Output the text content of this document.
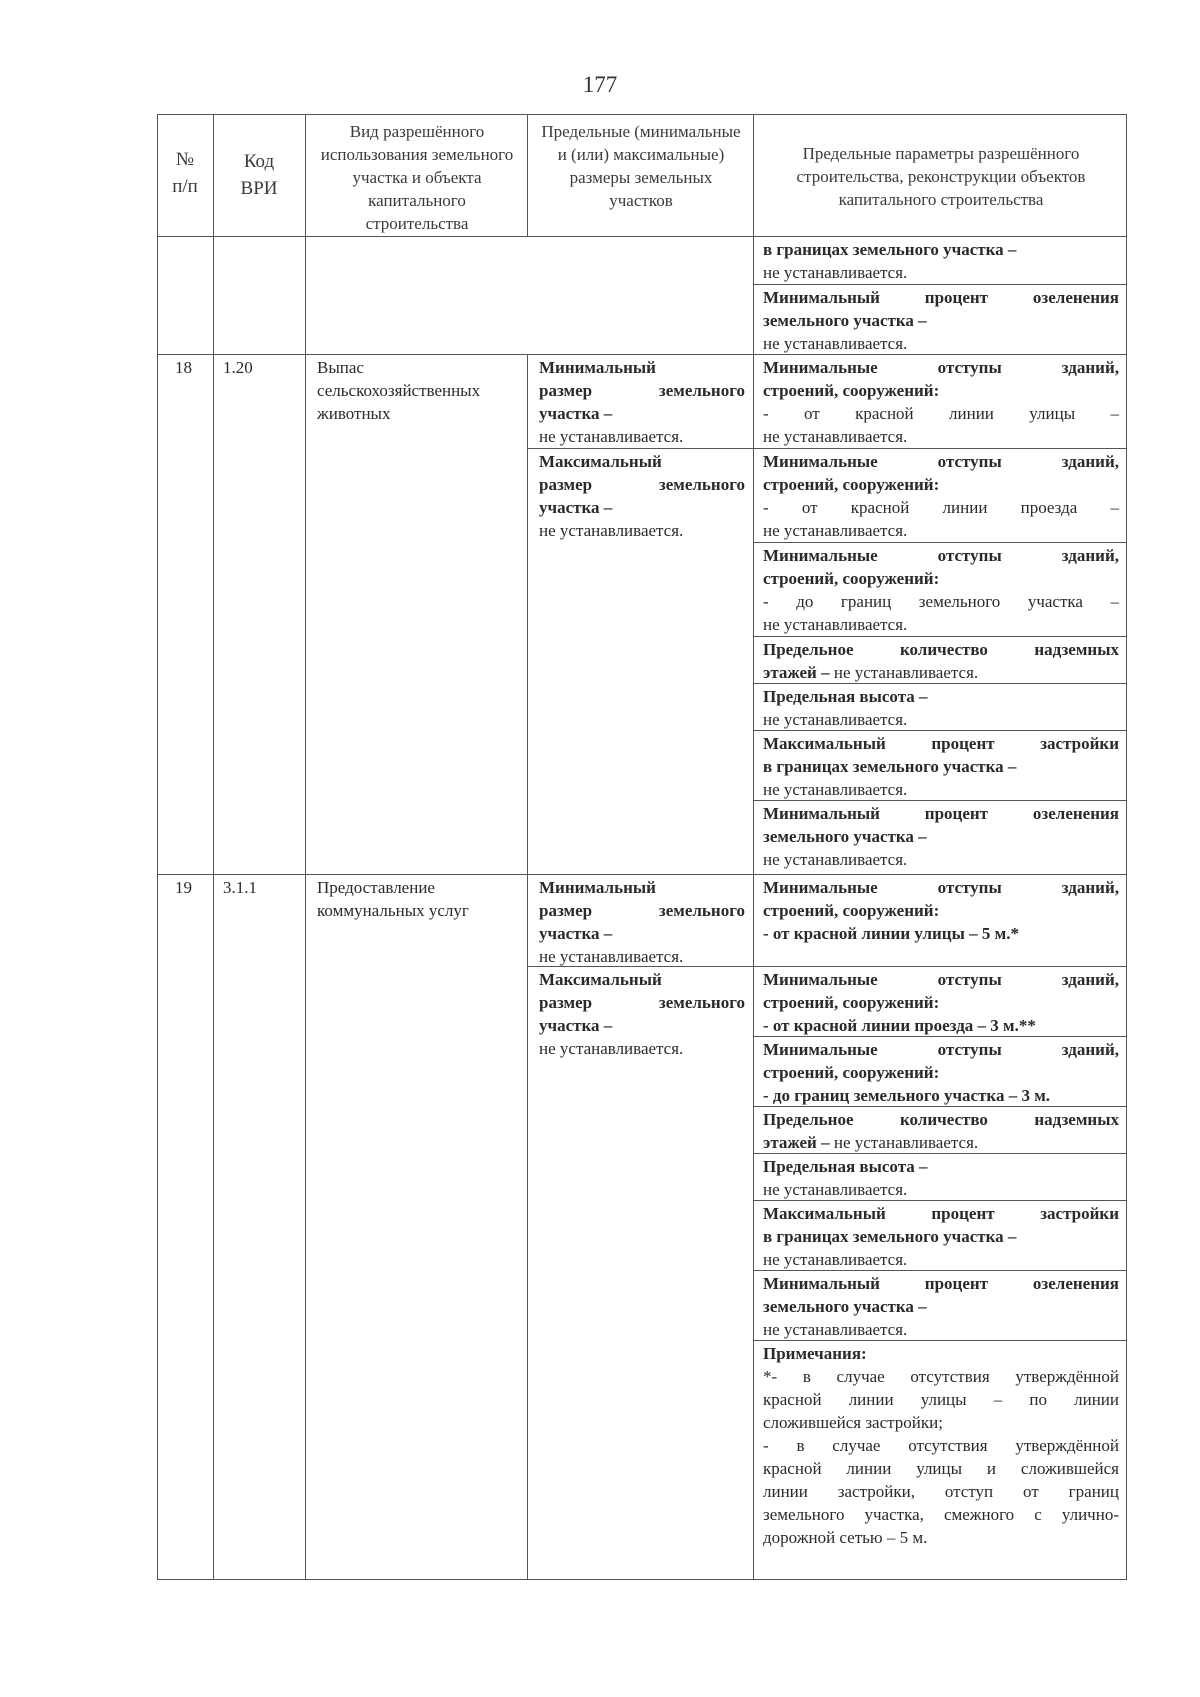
177
№
п/п
Код
ВРИ
Вид разрешённого использования земельного участка и объекта капитального строительства
Предельные (минимальные и (или) максимальные) размеры земельных участков
Предельные параметры разрешённого строительства, реконструкции объектов капитального строительства
в границах земельного участка –
не устанавливается.
Минимальный процент озеленения
земельного участка –
не устанавливается.
18 1.20	Выпас
сельскохозяйственных
животных
Минимальный
размер земельного
участка –
не устанавливается.
Максимальный
размер земельного
участка –
не устанавливается.
Минимальные отступы зданий,
строений, сооружений:
- от красной линии улицы –
не устанавливается.
Минимальные отступы зданий,
строений, сооружений:
- от красной линии проезда –
не устанавливается.
Минимальные отступы зданий,
строений, сооружений:
- до границ земельного участка –
не устанавливается.
Предельное количество надземных
этажей – не устанавливается.
Предельная высота –
не устанавливается.
Максимальный процент застройки
в границах земельного участка –
не устанавливается.
Минимальный процент озеленения
земельного участка –
не устанавливается.
19 3.1.1	Предоставление
коммунальных услуг
Минимальный
размер земельного
участка –
не устанавливается.
Максимальный
размер земельного
участка –
не устанавливается.
Минимальные отступы зданий,
строений, сооружений:
- от красной линии улицы – 5 м.*
Минимальные отступы зданий,
строений, сооружений:
- от красной линии проезда – 3 м.**
Минимальные отступы зданий,
строений, сооружений:
- до границ земельного участка – 3 м.
Предельное количество надземных
этажей – не устанавливается.
Предельная высота –
не устанавливается.
Максимальный процент застройки
в границах земельного участка –
не устанавливается.
Минимальный процент озеленения
земельного участка –
не устанавливается.
Примечания:
*- в случае отсутствия утверждённой
красной линии улицы – по линии
сложившейся застройки;
- в случае отсутствия утверждённой
красной линии улицы и сложившейся
линии застройки, отступ от границ
земельного участка, смежного с улично-
дорожной сетью – 5 м.
